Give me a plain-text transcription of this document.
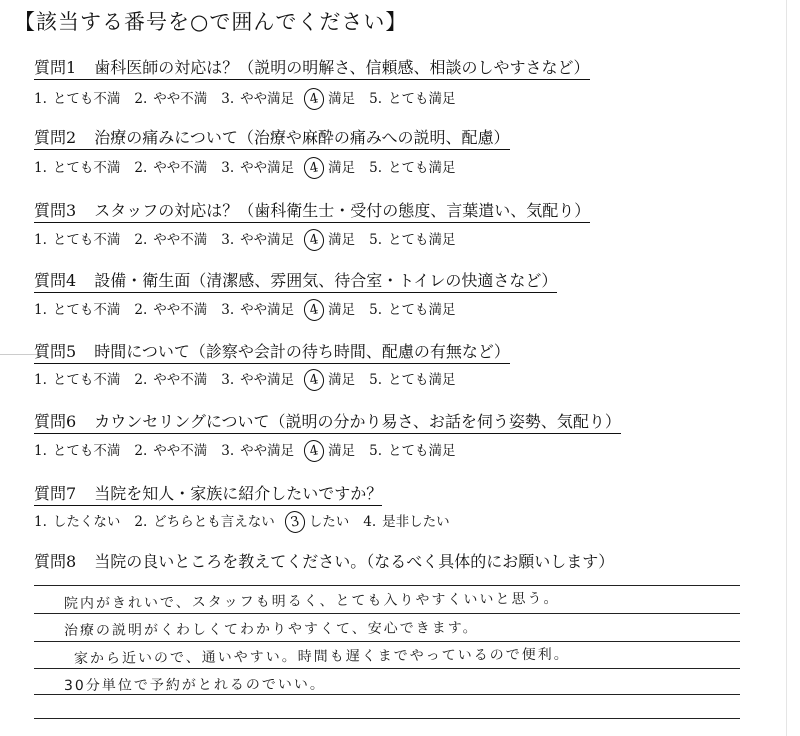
【該当する番号を○で囲んでください】
質問1 歯科医師の対応は？（説明の明解さ、信頼感、相談のしやすさなど）
1. とても不満 2. やや不満 3. やや満足 4 満足 5. とても満足
質問2 治療の痛みについて（治療や麻酔の痛みへの説明、配慮）
1. とても不満 2. やや不満 3. やや満足 4 満足 5. とても満足
質問3 スタッフの対応は？（歯科衛生士・受付の態度、言葉遣い、気配り）
1. とても不満 2. やや不満 3. やや満足 4 満足 5. とても満足
質問4 設備・衛生面（清潔感、雰囲気、待合室・トイレの快適さなど）
1. とても不満 2. やや不満 3. やや満足 4 満足 5. とても満足
質問5 時間について（診察や会計の待ち時間、配慮の有無など）
1. とても不満 2. やや不満 3. やや満足 4 満足 5. とても満足
質問6 カウンセリングについて（説明の分かり易さ、お話を伺う姿勢、気配り）
1. とても不満 2. やや不満 3. やや満足 4 満足 5. とても満足
質問7 当院を知人・家族に紹介したいですか？
1. したくない 2. どちらとも言えない 3 したい 4. 是非したい
質問8 当院の良いところを教えてください。（なるべく具体的にお願いします）
院内がきれいで、スタッフも明るく、とても入りやすくいいと思う。
治療の説明がくわしくてわかりやすくて、安心できます。
家から近いので、通いやすい。時間も遅くまでやっているので便利。
30分単位で予約がとれるのでいい。
